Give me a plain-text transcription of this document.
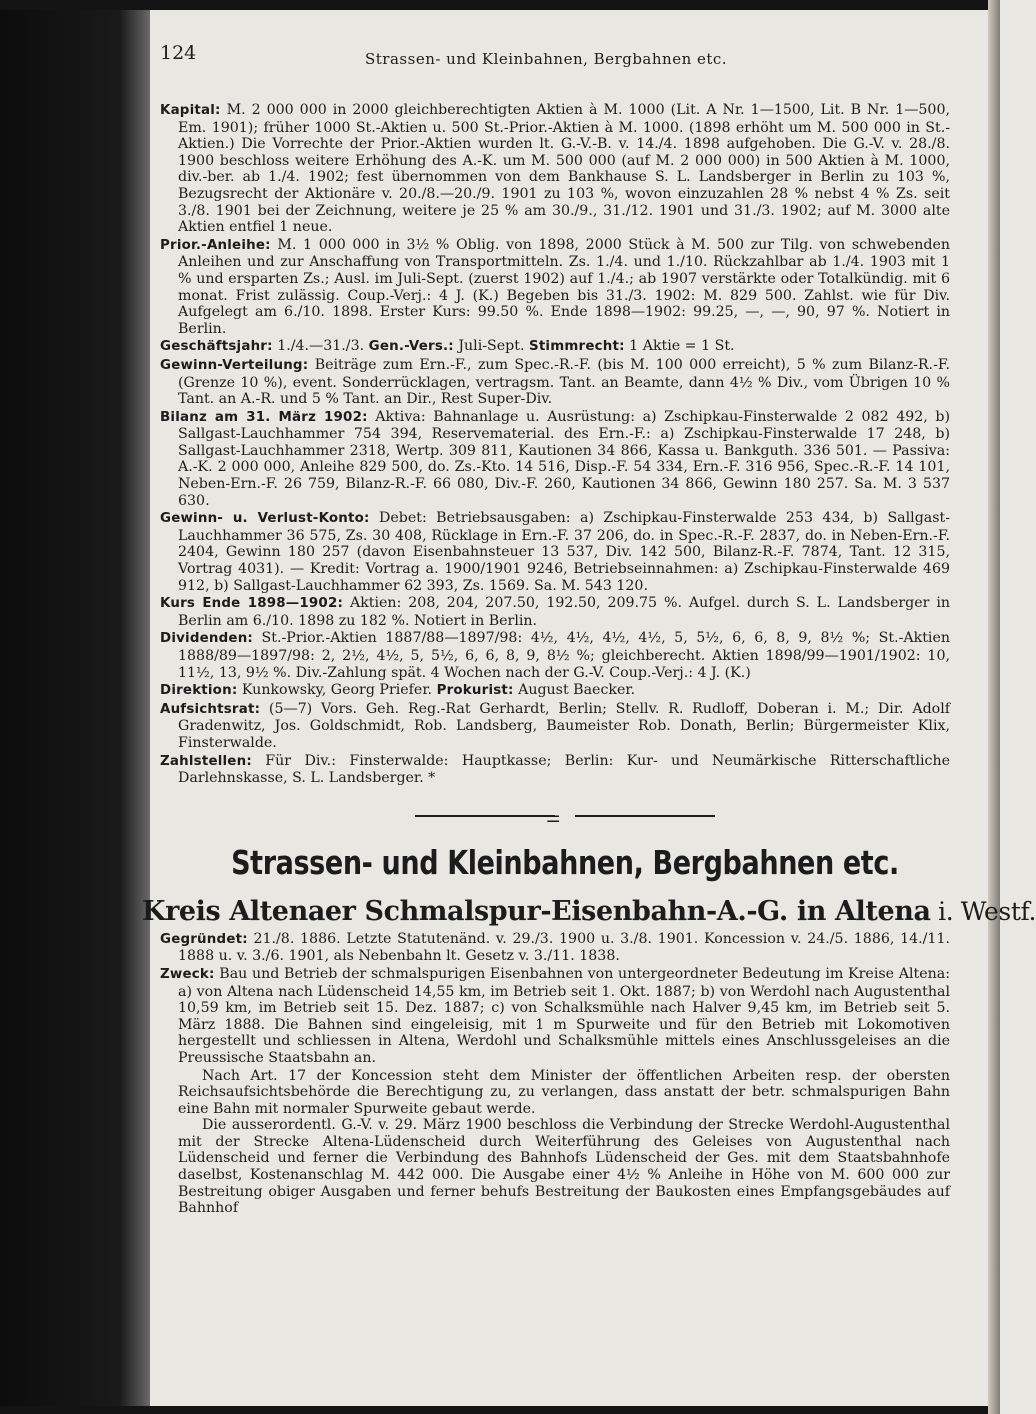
124	Strassen- und Kleinbahnen, Bergbahnen etc.

Kapital: M. 2 000 000 in 2000 gleichberechtigten Aktien à M. 1000 (Lit. A Nr. 1—1500, Lit. B Nr. 1—500, Em. 1901); früher 1000 St.-Aktien u. 500 St.-Prior.-Aktien à M. 1000. (1898 erhöht um M. 500 000 in St.-Aktien.) Die Vorrechte der Prior.-Aktien wurden lt. G.-V.-B. v. 14./4. 1898 aufgehoben. Die G.-V. v. 28./8. 1900 beschloss weitere Erhöhung des A.-K. um M. 500 000 (auf M. 2 000 000) in 500 Aktien à M. 1000, div.-ber. ab 1./4. 1902; fest übernommen von dem Bankhause S. L. Landsberger in Berlin zu 103 %, Bezugsrecht der Aktionäre v. 20./8.—20./9. 1901 zu 103 %, wovon einzuzahlen 28 % nebst 4 % Zs. seit 3./8. 1901 bei der Zeichnung, weitere je 25 % am 30./9., 31./12. 1901 und 31./3. 1902; auf M. 3000 alte Aktien entfiel 1 neue.

Prior.-Anleihe: M. 1 000 000 in 3½ % Oblig. von 1898, 2000 Stück à M. 500 zur Tilg. von schwebenden Anleihen und zur Anschaffung von Transportmitteln. Zs. 1./4. und 1./10. Rückzahlbar ab 1./4. 1903 mit 1 % und ersparten Zs.; Ausl. im Juli-Sept. (zuerst 1902) auf 1./4.; ab 1907 verstärkte oder Totalkündig. mit 6 monat. Frist zulässig. Coup.-Verj.: 4 J. (K.) Begeben bis 31./3. 1902: M. 829 500. Zahlst. wie für Div. Aufgelegt am 6./10. 1898. Erster Kurs: 99.50 %. Ende 1898—1902: 99.25, —, —, 90, 97 %. Notiert in Berlin.

Geschäftsjahr: 1./4.—31./3. Gen.-Vers.: Juli-Sept. Stimmrecht: 1 Aktie = 1 St.

Gewinn-Verteilung: Beiträge zum Ern.-F., zum Spec.-R.-F. (bis M. 100 000 erreicht), 5 % zum Bilanz-R.-F. (Grenze 10 %), event. Sonderrücklagen, vertragsm. Tant. an Beamte, dann 4½ % Div., vom Übrigen 10 % Tant. an A.-R. und 5 % Tant. an Dir., Rest Super-Div.

Bilanz am 31. März 1902: Aktiva: Bahnanlage u. Ausrüstung: a) Zschipkau-Finsterwalde 2 082 492, b) Sallgast-Lauchhammer 754 394, Reservematerial. des Ern.-F.: a) Zschipkau-Finsterwalde 17 248, b) Sallgast-Lauchhammer 2318, Wertp. 309 811, Kautionen 34 866, Kassa u. Bankguth. 336 501. — Passiva: A.-K. 2 000 000, Anleihe 829 500, do. Zs.-Kto. 14 516, Disp.-F. 54 334, Ern.-F. 316 956, Spec.-R.-F. 14 101, Neben-Ern.-F. 26 759, Bilanz-R.-F. 66 080, Div.-F. 260, Kautionen 34 866, Gewinn 180 257. Sa. M. 3 537 630.

Gewinn- u. Verlust-Konto: Debet: Betriebsausgaben: a) Zschipkau-Finsterwalde 253 434, b) Sallgast-Lauchhammer 36 575, Zs. 30 408, Rücklage in Ern.-F. 37 206, do. in Spec.-R.-F. 2837, do. in Neben-Ern.-F. 2404, Gewinn 180 257 (davon Eisenbahnsteuer 13 537, Div. 142 500, Bilanz-R.-F. 7874, Tant. 12 315, Vortrag 4031). — Kredit: Vortrag a. 1900/1901 9246, Betriebseinnahmen: a) Zschipkau-Finsterwalde 469 912, b) Sallgast-Lauchhammer 62 393, Zs. 1569. Sa. M. 543 120.

Kurs Ende 1898—1902: Aktien: 208, 204, 207.50, 192.50, 209.75 %. Aufgel. durch S. L. Landsberger in Berlin am 6./10. 1898 zu 182 %. Notiert in Berlin.

Dividenden: St.-Prior.-Aktien 1887/88—1897/98: 4½, 4½, 4½, 4½, 5, 5½, 6, 6, 8, 9, 8½ %; St.-Aktien 1888/89—1897/98: 2, 2½, 4½, 5, 5½, 6, 6, 8, 9, 8½ %; gleichberecht. Aktien 1898/99—1901/1902: 10, 11½, 13, 9½ %. Div.-Zahlung spät. 4 Wochen nach der G.-V. Coup.-Verj.: 4 J. (K.)

Direktion: Kunkowsky, Georg Priefer. Prokurist: August Baecker.

Aufsichtsrat: (5—7) Vors. Geh. Reg.-Rat Gerhardt, Berlin; Stellv. R. Rudloff, Doberan i. M.; Dir. Adolf Gradenwitz, Jos. Goldschmidt, Rob. Landsberg, Baumeister Rob. Donath, Berlin; Bürgermeister Klix, Finsterwalde.

Zahlstellen: Für Div.: Finsterwalde: Hauptkasse; Berlin: Kur- und Neumärkische Ritterschaftliche Darlehnskasse, S. L. Landsberger. *

⚌
Strassen- und Kleinbahnen, Bergbahnen etc.
Kreis Altenaer Schmalspur-Eisenbahn-A.-G. in Altena i. Westf.

Gegründet: 21./8. 1886. Letzte Statutenänd. v. 29./3. 1900 u. 3./8. 1901. Koncession v. 24./5. 1886, 14./11. 1888 u. v. 3./6. 1901, als Nebenbahn lt. Gesetz v. 3./11. 1838.

Zweck: Bau und Betrieb der schmalspurigen Eisenbahnen von untergeordneter Bedeutung im Kreise Altena: a) von Altena nach Lüdenscheid 14,55 km, im Betrieb seit 1. Okt. 1887; b) von Werdohl nach Augustenthal 10,59 km, im Betrieb seit 15. Dez. 1887; c) von Schalksmühle nach Halver 9,45 km, im Betrieb seit 5. März 1888. Die Bahnen sind eingeleisig, mit 1 m Spurweite und für den Betrieb mit Lokomotiven hergestellt und schliessen in Altena, Werdohl und Schalksmühle mittels eines Anschlussgeleises an die Preussische Staatsbahn an.

Nach Art. 17 der Koncession steht dem Minister der öffentlichen Arbeiten resp. der obersten Reichsaufsichtsbehörde die Berechtigung zu, zu verlangen, dass anstatt der betr. schmalspurigen Bahn eine Bahn mit normaler Spurweite gebaut werde.

Die ausserordentl. G.-V. v. 29. März 1900 beschloss die Verbindung der Strecke Werdohl-Augustenthal mit der Strecke Altena-Lüdenscheid durch Weiterführung des Geleises von Augustenthal nach Lüdenscheid und ferner die Verbindung des Bahnhofs Lüdenscheid der Ges. mit dem Staatsbahnhofe daselbst, Kostenanschlag M. 442 000. Die Ausgabe einer 4½ % Anleihe in Höhe von M. 600 000 zur Bestreitung obiger Ausgaben und ferner behufs Bestreitung der Baukosten eines Empfangsgebäudes auf Bahnhof
